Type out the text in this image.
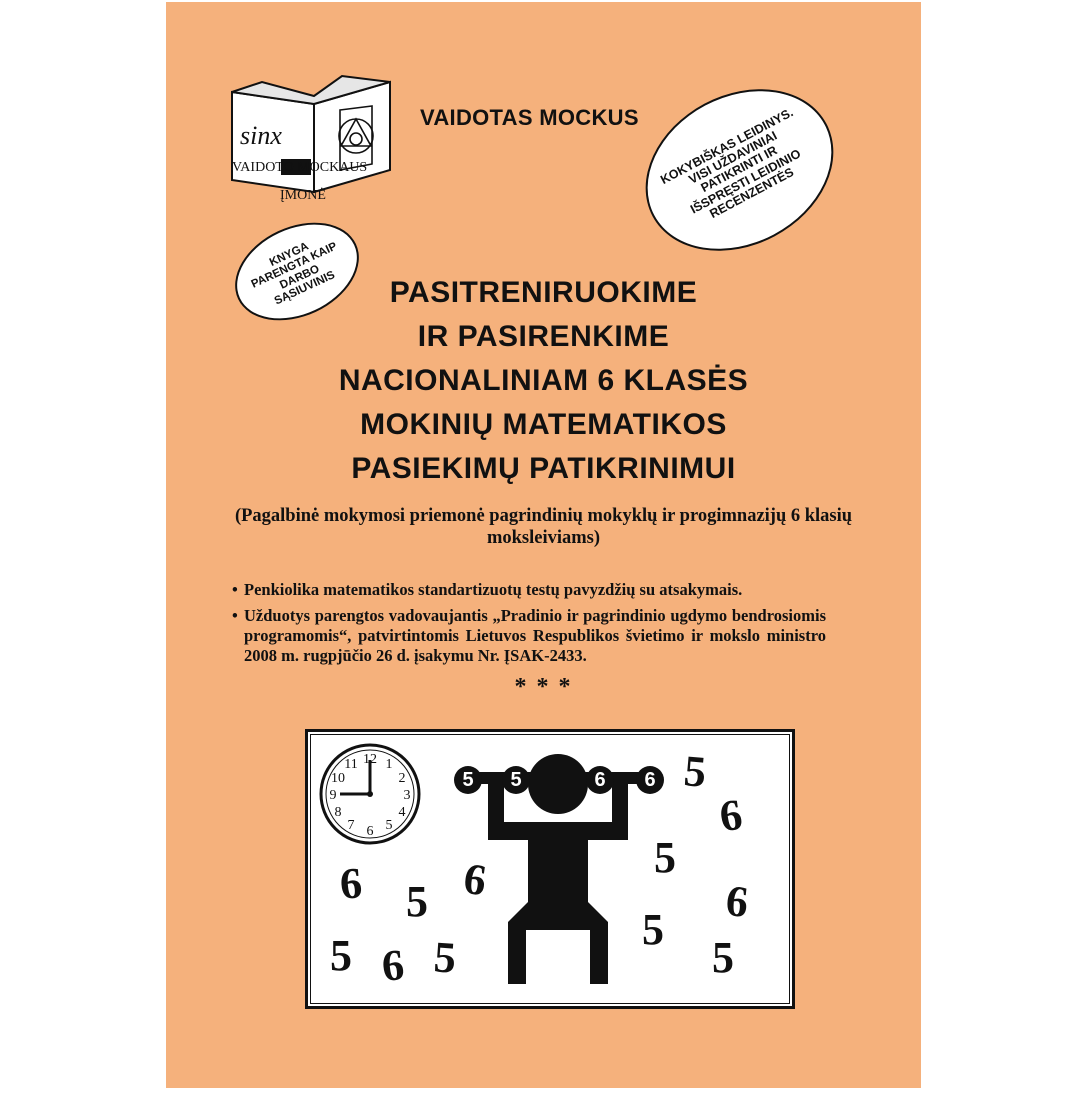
sinx
VAIDOTO MOCKAUS
ĮMONĖ
VAIDOTAS MOCKUS KOKYBIŠKAS LEIDINYS. VISI UŽDAVINIAI PATIKRINTI IR IŠSPRĘSTI LEIDINIO RECENZENTĖS
KNYGA PARENGTA KAIP DARBO SĄSIUVINIS	PASITRENIRUOKIME
IR PASIRENKIME
NACIONALINIAM 6 KLASĖS
MOKINIŲ MATEMATIKOS
PASIEKIMŲ PATIKRINIMUI
(Pagalbinė mokymosi priemonė pagrindinių mokyklų ir progimnazijų 6 klasių moksleiviams)
• Penkiolika matematikos standartizuotų testų pavyzdžių su atsakymais.
• Užduotys parengtos vadovaujantis „Pradinio ir pagrindinio ugdymo bendrosiomis programomis“, patvirtintomis Lietuvos Respublikos švietimo ir mokslo ministro 2008 m. rugpjūčio 26 d. įsakymu Nr. ĮSAK-2433.
* * *
12 1
2
3
4
5
6
7
8
9
10
11
5	5	6	6 5
6
5
6
5
6 5 6
5 6 5	5
